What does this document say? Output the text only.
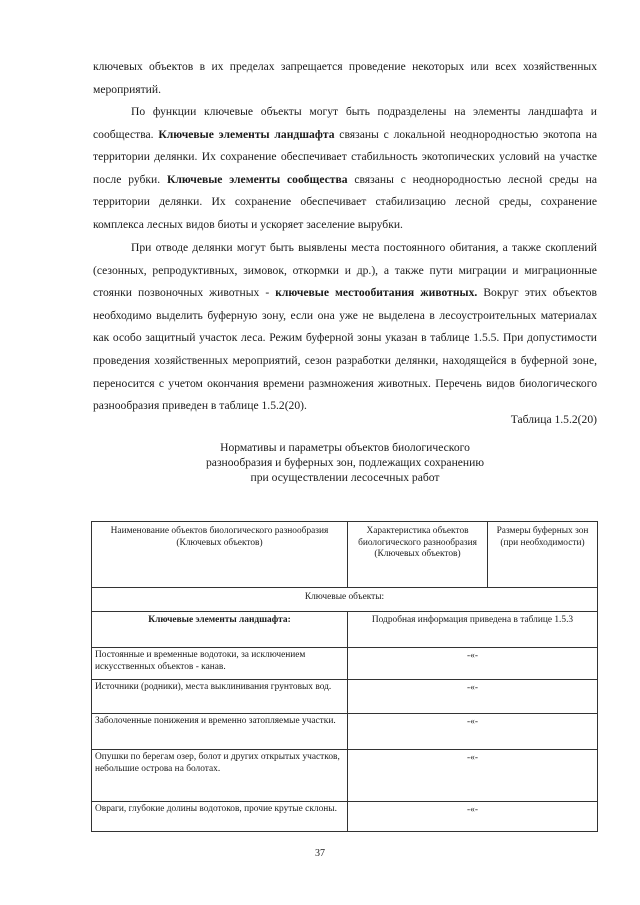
ключевых объектов в их пределах запрещается проведение некоторых или всех хозяйственных мероприятий.

По функции ключевые объекты могут быть подразделены на элементы ландшафта и сообщества. Ключевые элементы ландшафта связаны с локальной неоднородностью экотопа на территории делянки. Их сохранение обеспечивает стабильность экотопических условий на участке после рубки. Ключевые элементы сообщества связаны с неоднородностью лесной среды на территории делянки. Их сохранение обеспечивает стабилизацию лесной среды, сохранение комплекса лесных видов биоты и ускоряет заселение вырубки.

При отводе делянки могут быть выявлены места постоянного обитания, а также скоплений (сезонных, репродуктивных, зимовок, откормки и др.), а также пути миграции и миграционные стоянки позвоночных животных - ключевые местообитания животных. Вокруг этих объектов необходимо выделить буферную зону, если она уже не выделена в лесоустроительных материалах как особо защитный участок леса. Режим буферной зоны указан в таблице 1.5.5. При допустимости проведения хозяйственных мероприятий, сезон разработки делянки, находящейся в буферной зоне, переносится с учетом окончания времени размножения животных. Перечень видов биологического разнообразия приведен в таблице 1.5.2(20).

Таблица 1.5.2(20)
Нормативы и параметры объектов биологического
разнообразия и буферных зон, подлежащих сохранению
при осуществлении лесосечных работ
Наименование объектов биологического разнообразия (Ключевых объектов)	Характеристика объектов биологического разнообразия (Ключевых объектов)	Размеры буферных зон (при необходимости)
Ключевые объекты:		
Ключевые элементы ландшафта:	Подробная информация приведена в таблице 1.5.3	
Постоянные и временные водотоки, за исключением искусственных объектов - канав.	-«-	
Источники (родники), места выклинивания грунтовых вод.	-«-	
Заболоченные понижения и временно затопляемые участки.	-«-	
Опушки по берегам озер, болот и других открытых участков, небольшие острова на болотах.	-«-	
Овраги, глубокие долины водотоков, прочие крутые склоны.	-«-	
37
